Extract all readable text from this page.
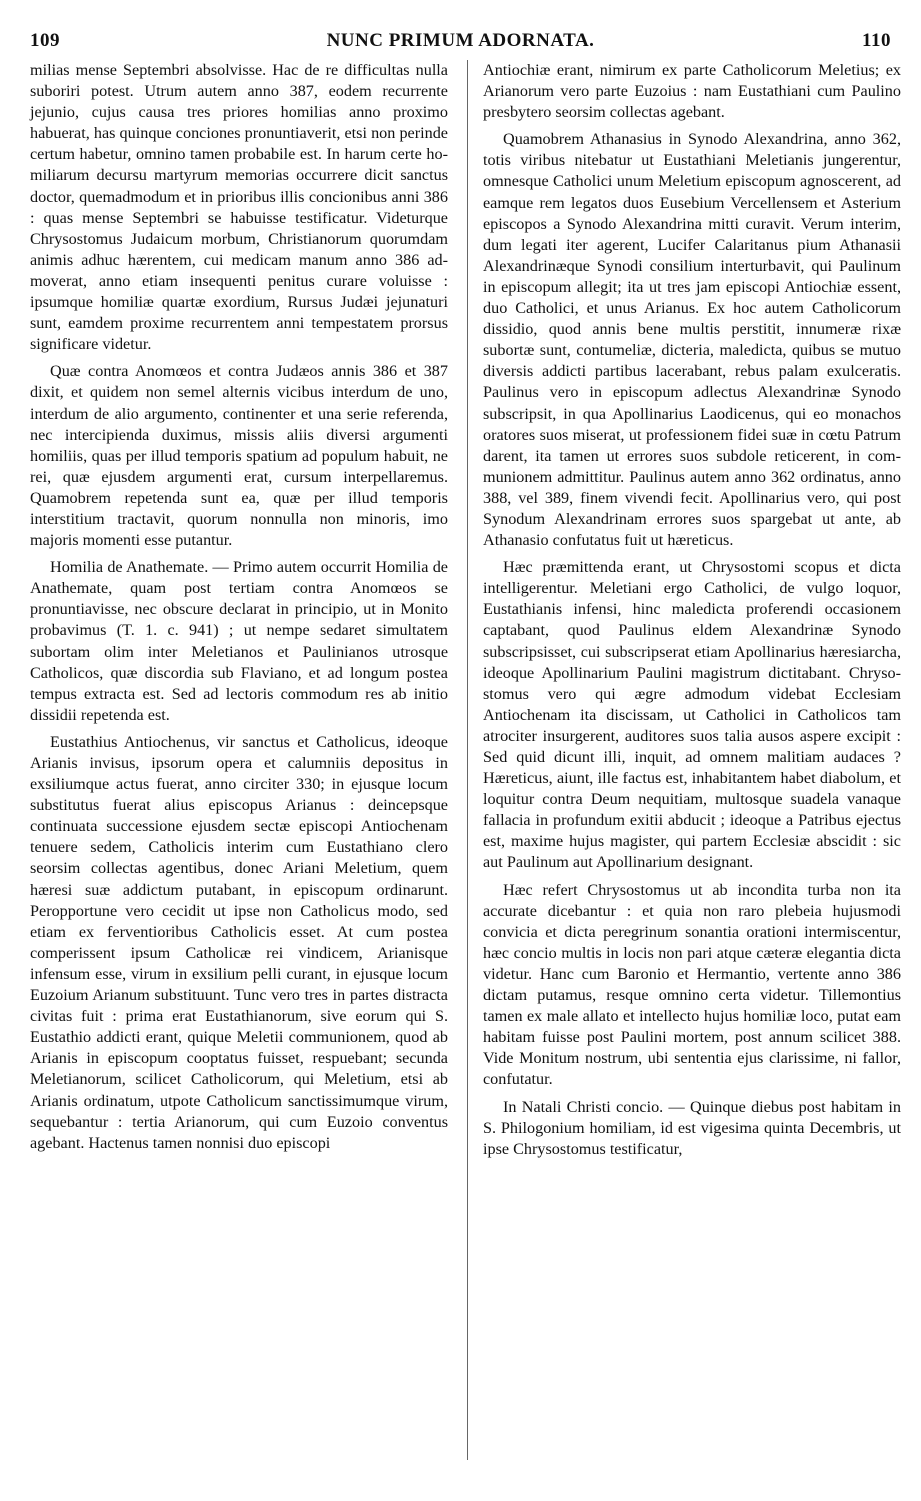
109	NUNC PRIMUM ADORNATA.	110

milias mense Septembri absolvisse. Hac de re difficultas nulla suboriri potest. Utrum autem anno 387, eodem recurrente jejunio, cujus causa tres priores homilias anno proximo habuerat, has quinque conciones pronuntiaverit, etsi non perinde certum habetur, omnino tamen probabile est. In harum certe homiliarum decursu martyrum memorias occurrere dicit sanctus doctor, quemadmodum et in prioribus illis concionibus anni 386 : quas mense Septembri se habuisse testificatur. Videturque Chrysostomus Judaicum morbum, Christianorum quorumdam animis adhuc hærentem, cui medicam manum anno 386 admoverat, anno etiam insequenti penitus curare voluisse : ipsumque homiliæ quartæ exordium, Rursus Judæi jejunaturi sunt, eamdem proxime recurrentem anni tempestatem prorsus significare videtur.

Quæ contra Anomœos et contra Judæos annis 386 et 387 dixit, et quidem non semel alternis vicibus interdum de uno, interdum de alio argumento, continenter et una serie referenda, nec intercipienda duximus, missis aliis diversi argumenti homiliis, quas per illud temporis spatium ad populum habuit, ne rei, quæ ejusdem argumenti erat, cursum interpellaremus. Quamobrem repetenda sunt ea, quæ per illud temporis interstitium tractavit, quorum nonnulla non minoris, imo majoris momenti esse putantur.

Homilia de Anathemate. — Primo autem occurrit Homilia de Anathemate, quam post tertiam contra Anomœos se pronuntiavisse, nec obscure declarat in principio, ut in Monito probavimus (T. 1. c. 941) ; ut nempe sedaret simultatem subortam olim inter Meletianos et Paulinianos utrosque Catholicos, quæ discordia sub Flaviano, et ad longum postea tempus extracta est. Sed ad lectoris commodum res ab initio dissidii repetenda est.

Eustathius Antiochenus, vir sanctus et Catholicus, ideoque Arianis invisus, ipsorum opera et calumniis depositus in exsiliumque actus fuerat, anno circiter 330; in ejusque locum substitutus fuerat alius episcopus Arianus : deincepsque continuata successione ejusdem sectæ episcopi Antiochenam tenuere sedem, Catholicis interim cum Eustathiano clero seorsim collectas agentibus, donec Ariani Meletium, quem hæresi suæ addictum putabant, in episcopum ordinarunt. Peropportune vero cecidit ut ipse non Catholicus modo, sed etiam ex ferventioribus Catholicis esset. At cum postea comperissent ipsum Catholicæ rei vindicem, Arianisque infensum esse, virum in exsilium pelli curant, in ejusque locum Euzoium Arianum substituunt. Tunc vero tres in partes distracta civitas fuit : prima erat Eustathianorum, sive eorum qui S. Eustathio addicti erant, quique Meletii communionem, quod ab Arianis in episcopum cooptatus fuisset, respuebant; secunda Meletianorum, scilicet Catholicorum, qui Meletium, etsi ab Arianis ordinatum, utpote Catholicum sanctissimumque virum, sequebantur : tertia Arianorum, qui cum Euzoio conventus agebant. Hactenus tamen nonnisi duo episcopi

Antiochiæ erant, nimirum ex parte Catholicorum Meletius; ex Arianorum vero parte Euzoius : nam Eustathiani cum Paulino presbytero seorsim collectas agebant.

Quamobrem Athanasius in Synodo Alexandrina, anno 362, totis viribus nitebatur ut Eustathiani Meletianis jungerentur, omnesque Catholici unum Meletium episcopum agnoscerent, ad eamque rem legatos duos Eusebium Vercellensem et Asterium episcopos a Synodo Alexandrina mitti curavit. Verum interim, dum legati iter agerent, Lucifer Calaritanus pium Athanasii Alexandrinæque Synodi consilium interturbavit, qui Paulinum in episcopum allegit; ita ut tres jam episcopi Antiochiæ essent, duo Catholici, et unus Arianus. Ex hoc autem Catholicorum dissidio, quod annis bene multis perstitit, innumeræ rixæ subortæ sunt, contumeliæ, dicteria, maledicta, quibus se mutuo diversis addicti partibus lacerabant, rebus palam exulceratis. Paulinus vero in episcopum adlectus Alexandrinæ Synodo subscripsit, in qua Apollinarius Laodicenus, qui eo monachos oratores suos miserat, ut professionem fidei suæ in cœtu Patrum darent, ita tamen ut errores suos subdole reticerent, in communionem admittitur. Paulinus autem anno 362 ordinatus, anno 388, vel 389, finem vivendi fecit. Apollinarius vero, qui post Synodum Alexandrinam errores suos spargebat ut ante, ab Athanasio confutatus fuit ut hæreticus.

Hæc præmittenda erant, ut Chrysostomi scopus et dicta intelligerentur. Meletiani ergo Catholici, de vulgo loquor, Eustathianis infensi, hinc maledicta proferendi occasionem captabant, quod Paulinus eldem Alexandrinæ Synodo subscripsisset, cui subscripserat etiam Apollinarius hæresiarcha, ideoque Apollinarium Paulini magistrum dictitabant. Chrysostomus vero qui ægre admodum videbat Ecclesiam Antiochenam ita discissam, ut Catholici in Catholicos tam atrociter insurgerent, auditores suos talia ausos aspere excipit : Sed quid dicunt illi, inquit, ad omnem malitiam audaces ? Hæreticus, aiunt, ille factus est, inhabitantem habet diabolum, et loquitur contra Deum nequitiam, multosque suadela vanaque fallacia in profundum exitii abducit ; ideoque a Patribus ejectus est, maxime hujus magister, qui partem Ecclesiæ abscidit : sic aut Paulinum aut Apollinarium designant.

Hæc refert Chrysostomus ut ab incondita turba non ita accurate dicebantur : et quia non raro plebeia hujusmodi convicia et dicta peregrinum sonantia orationi intermiscentur, hæc concio multis in locis non pari atque cæteræ elegantia dicta videtur. Hanc cum Baronio et Hermantio, vertente anno 386 dictam putamus, resque omnino certa videtur. Tillemontius tamen ex male allato et intellecto hujus homiliæ loco, putat eam habitam fuisse post Paulini mortem, post annum scilicet 388. Vide Monitum nostrum, ubi sententia ejus clarissime, ni fallor, confutatur.

In Natali Christi concio. — Quinque diebus post habitam in S. Philogonium homiliam, id est vigesima quinta Decembris, ut ipse Chrysostomus testificatur,
